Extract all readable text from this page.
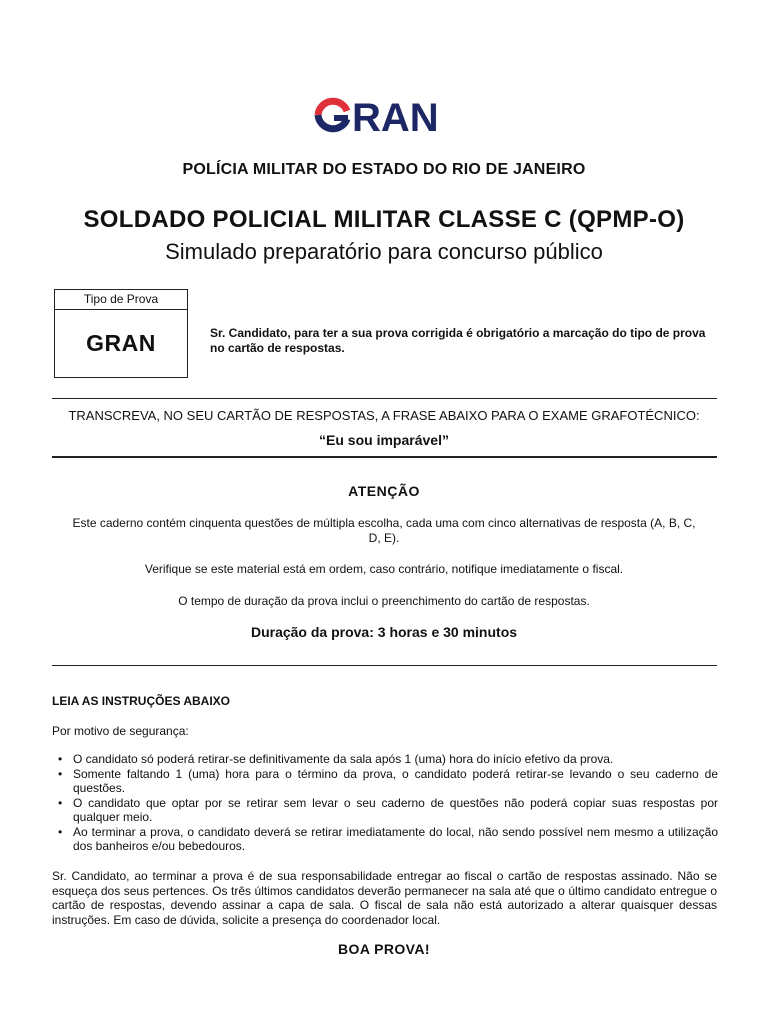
RAN
POLÍCIA MILITAR DO ESTADO DO RIO DE JANEIRO
SOLDADO POLICIAL MILITAR CLASSE C (QPMP-O)
Simulado preparatório para concurso público
Tipo de Prova
GRAN	Sr. Candidato, para ter a sua prova corrigida é obrigatório a marcação do tipo de prova no cartão de respostas.
TRANSCREVA, NO SEU CARTÃO DE RESPOSTAS, A FRASE ABAIXO PARA O EXAME GRAFOTÉCNICO:
“Eu sou imparável”
ATENÇÃO
Este caderno contém cinquenta questões de múltipla escolha, cada uma com cinco alternativas de resposta (A, B, C, D, E).
Verifique se este material está em ordem, caso contrário, notifique imediatamente o fiscal.
O tempo de duração da prova inclui o preenchimento do cartão de respostas.
Duração da prova: 3 horas e 30 minutos
LEIA AS INSTRUÇÕES ABAIXO
Por motivo de segurança:
• O candidato só poderá retirar-se definitivamente da sala após 1 (uma) hora do início efetivo da prova.
• Somente faltando 1 (uma) hora para o término da prova, o candidato poderá retirar-se levando o seu caderno de questões.
• O candidato que optar por se retirar sem levar o seu caderno de questões não poderá copiar suas respostas por qualquer meio.
• Ao terminar a prova, o candidato deverá se retirar imediatamente do local, não sendo possível nem mesmo a utilização dos banheiros e/ou bebedouros.
Sr. Candidato, ao terminar a prova é de sua responsabilidade entregar ao fiscal o cartão de respostas assinado. Não se esqueça dos seus pertences. Os três últimos candidatos deverão permanecer na sala até que o último candidato entregue o cartão de respostas, devendo assinar a capa de sala. O fiscal de sala não está autorizado a alterar quaisquer dessas instruções. Em caso de dúvida, solicite a presença do coordenador local.
BOA PROVA!
